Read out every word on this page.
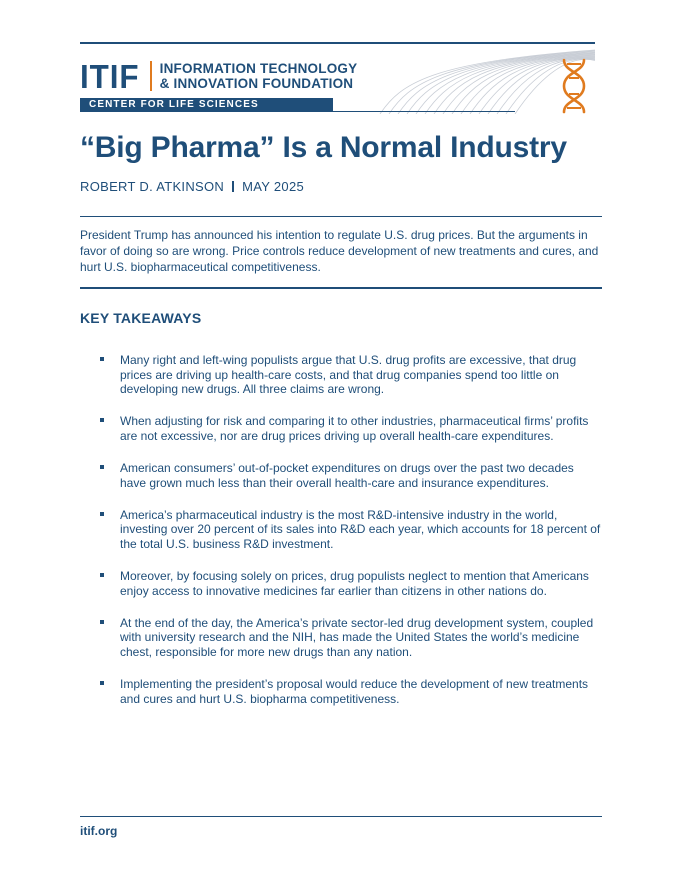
ITIF INFORMATION TECHNOLOGY
& INNOVATION FOUNDATION
CENTER FOR LIFE SCIENCES INNOVATION
“Big Pharma” Is a Normal Industry
ROBERT D. ATKINSON MAY 2025

President Trump has announced his intention to regulate U.S. drug prices. But the arguments in favor of doing so are wrong. Price controls reduce development of new treatments and cures, and hurt U.S. biopharmaceutical competitiveness.

KEY TAKEAWAYS
Many right and left-wing populists argue that U.S. drug profits are excessive, that drug prices are driving up health-care costs, and that drug companies spend too little on developing new drugs. All three claims are wrong.
When adjusting for risk and comparing it to other industries, pharmaceutical firms’ profits are not excessive, nor are drug prices driving up overall health-care expenditures.
American consumers’ out-of-pocket expenditures on drugs over the past two decades have grown much less than their overall health-care and insurance expenditures.
America’s pharmaceutical industry is the most R&D-intensive industry in the world, investing over 20 percent of its sales into R&D each year, which accounts for 18 percent of the total U.S. business R&D investment.
Moreover, by focusing solely on prices, drug populists neglect to mention that Americans enjoy access to innovative medicines far earlier than citizens in other nations do.
At the end of the day, the America’s private sector-led drug development system, coupled with university research and the NIH, has made the United States the world’s medicine chest, responsible for more new drugs than any nation.
Implementing the president’s proposal would reduce the development of new treatments and cures and hurt U.S. biopharma competitiveness.
itif.org
